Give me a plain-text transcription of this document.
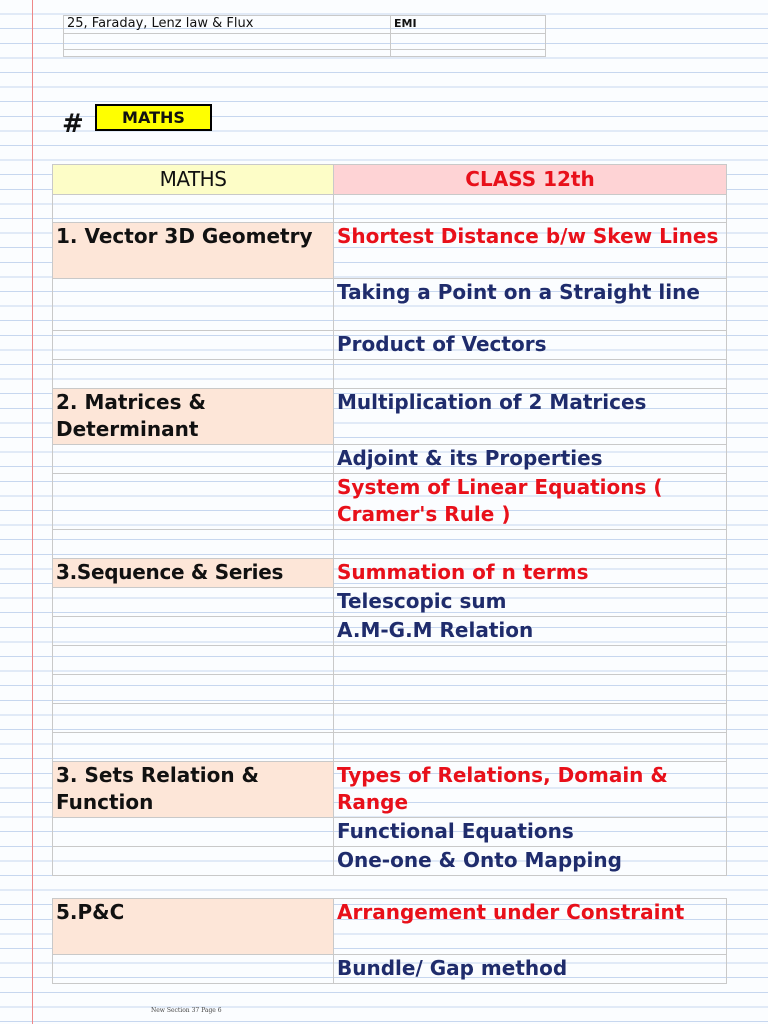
25, Faraday, Lenz law & Flux	EMI

#	MATHS
MATHS	CLASS 12th

1. Vector 3D Geometry	Shortest Distance b/w Skew Lines
	Taking a Point on a Straight line
	Product of Vectors

2. Matrices & Determinant	Multiplication of 2 Matrices
	Adjoint & its Properties
	System of Linear Equations ( Cramer's Rule )

3.Sequence & Series	Summation of n terms
	Telescopic sum
	A.M-G.M Relation

3. Sets Relation & Function	Types of Relations, Domain & Range
	Functional Equations
	One-one & Onto Mapping
5.P&C	Arrangement under Constraint
	Bundle/ Gap method
New Section 37 Page 6
